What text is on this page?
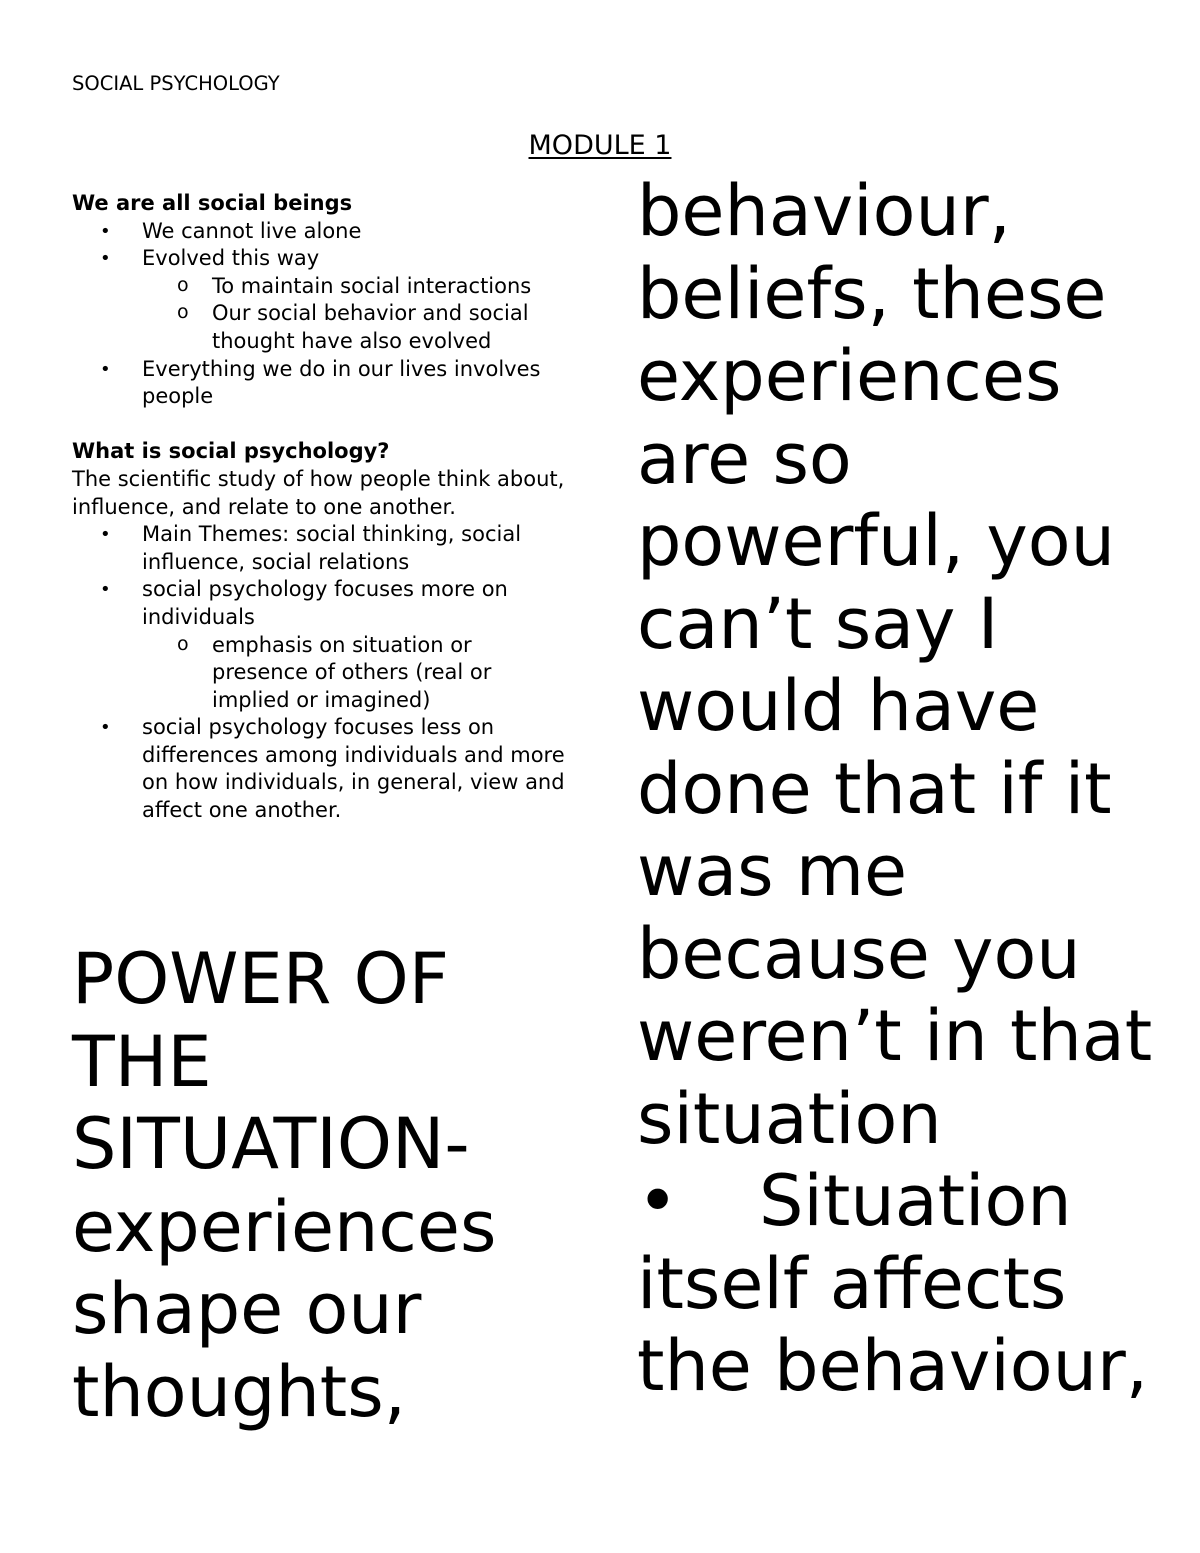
SOCIAL PSYCHOLOGY
MODULE 1

We are all social beings

• We cannot live alone
• Evolved this way
o To maintain social interactions
o Our social behavior and social thought have also evolved
• Everything we do in our lives involves people

What is social psychology?

The scientific study of how people think about, influence, and relate to one another.

• Main Themes: social thinking, social influence, social relations
• social psychology focuses more on individuals
o emphasis on situation or presence of others (real or implied or imagined)
• social psychology focuses less on differences among individuals and more on how individuals, in general, view and affect one another.

POWER OF THE SITUATION- experiences shape our thoughts,

behaviour, beliefs, these experiences are so powerful, you can’t say I would have done that if it was me because you weren’t in that situation

• Situation itself affects the behaviour,
